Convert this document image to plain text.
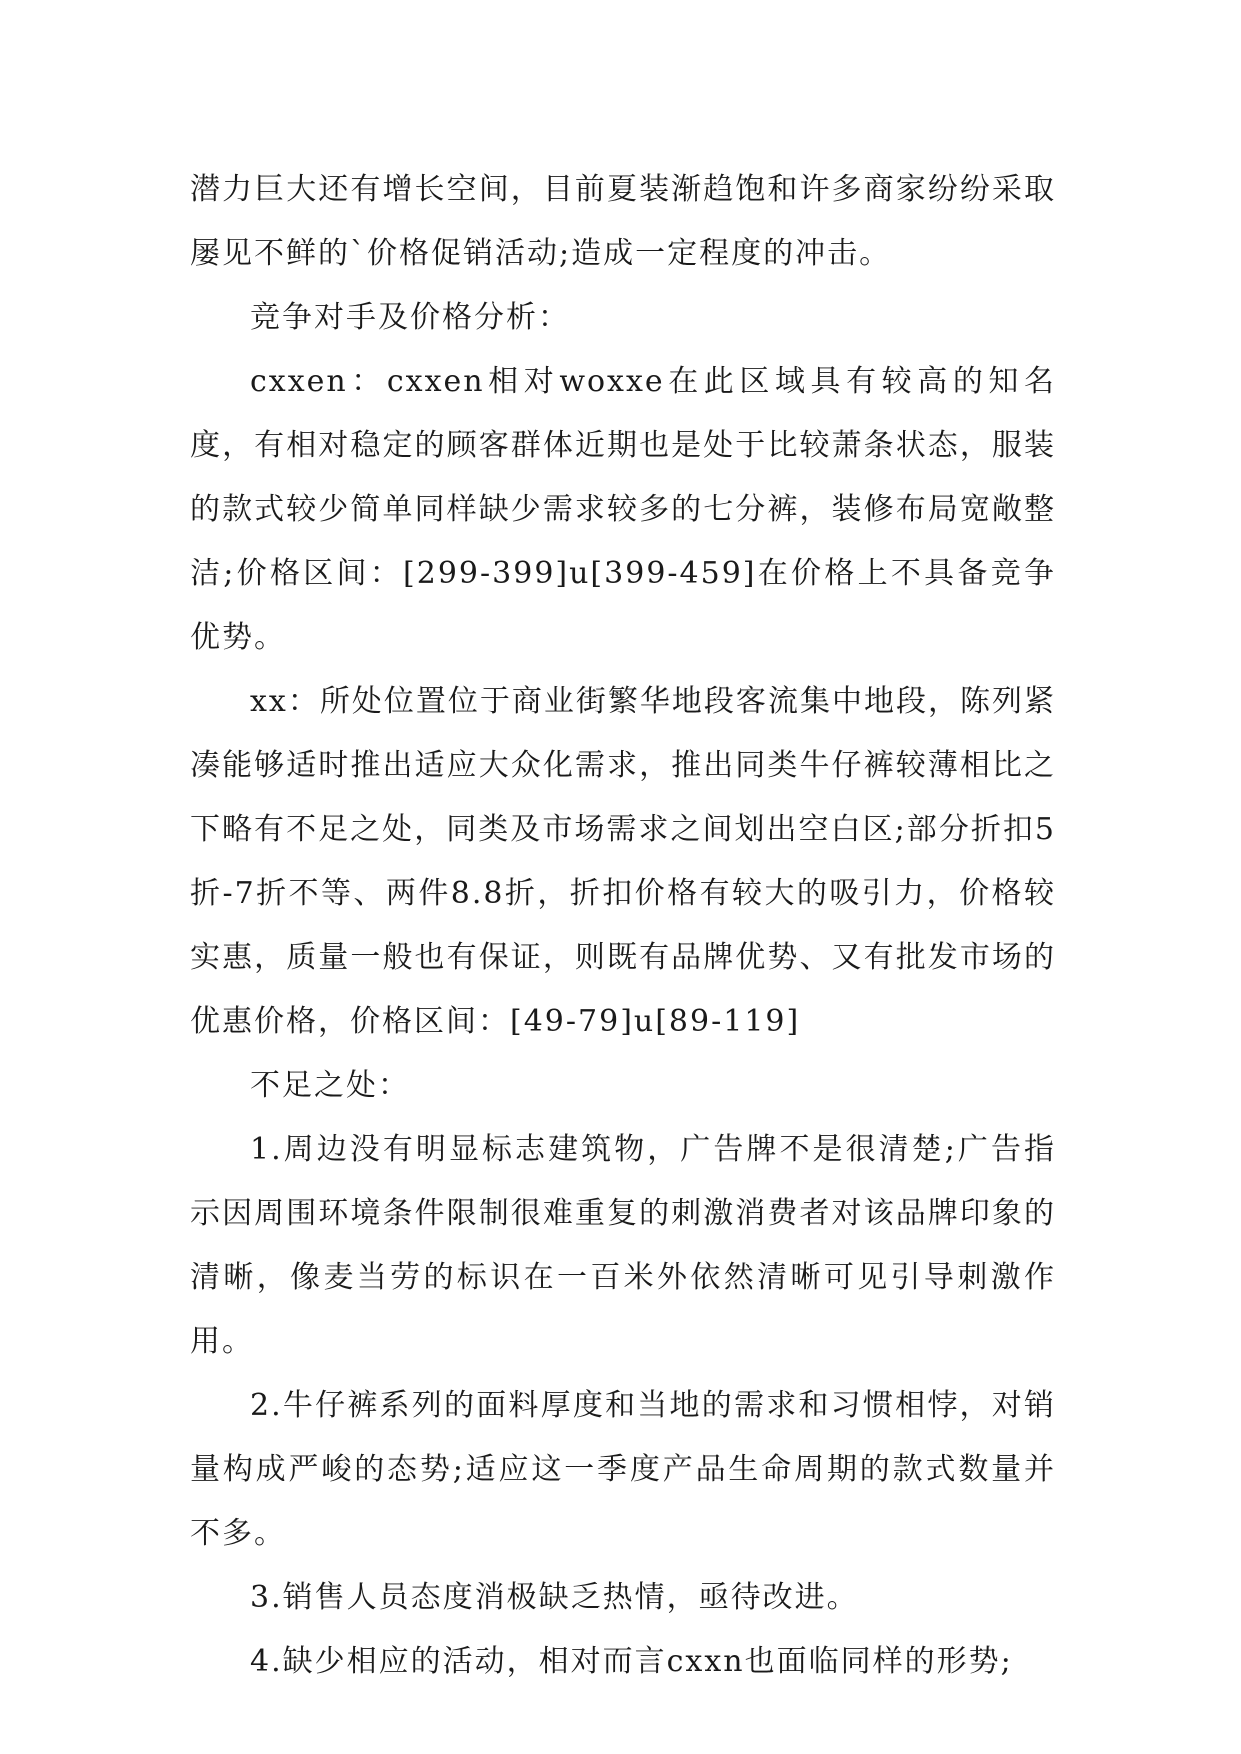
潜力巨大还有增长空间，目前夏装渐趋饱和许多商家纷纷采取屡见不鲜的`价格促销活动;造成一定程度的冲击。

竞争对手及价格分析：

cxxen：cxxen相对woxxe在此区域具有较高的知名度，有相对稳定的顾客群体近期也是处于比较萧条状态，服装的款式较少简单同样缺少需求较多的七分裤，装修布局宽敞整洁;价格区间：[299-399]u[399-459]在价格上不具备竞争优势。

xx：所处位置位于商业街繁华地段客流集中地段，陈列紧凑能够适时推出适应大众化需求，推出同类牛仔裤较薄相比之下略有不足之处，同类及市场需求之间划出空白区;部分折扣5折-7折不等、两件8.8折，折扣价格有较大的吸引力，价格较实惠，质量一般也有保证，则既有品牌优势、又有批发市场的优惠价格，价格区间：[49-79]u[89-119]

不足之处：

1.周边没有明显标志建筑物，广告牌不是很清楚;广告指示因周围环境条件限制很难重复的刺激消费者对该品牌印象的清晰，像麦当劳的标识在一百米外依然清晰可见引导刺激作用。

2.牛仔裤系列的面料厚度和当地的需求和习惯相悖，对销量构成严峻的态势;适应这一季度产品生命周期的款式数量并不多。

3.销售人员态度消极缺乏热情，亟待改进。

4.缺少相应的活动，相对而言cxxn也面临同样的形势;
